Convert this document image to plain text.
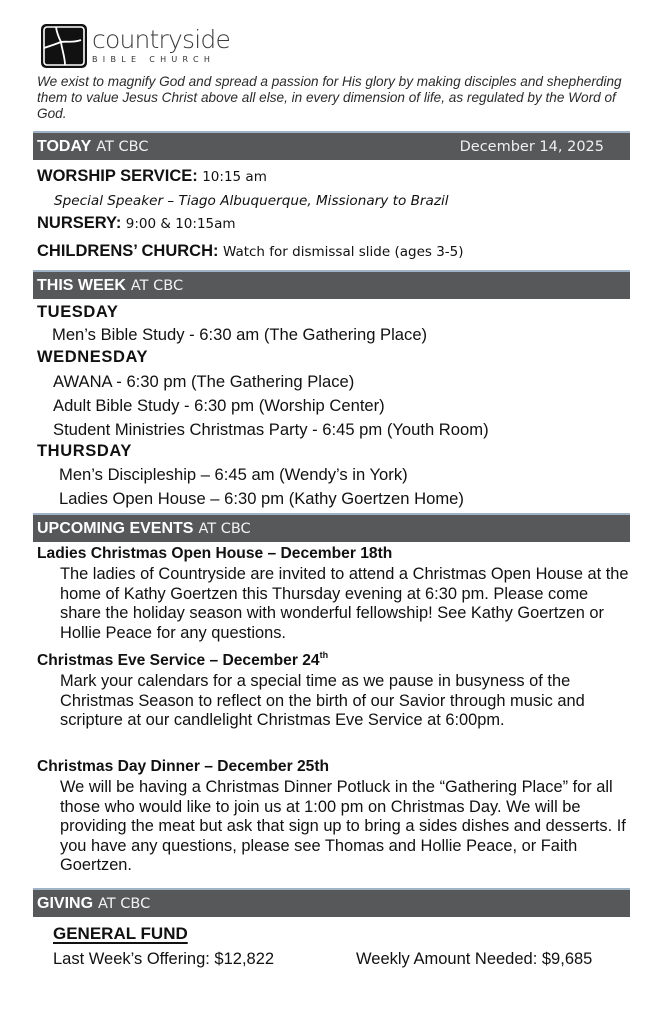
countryside
BIBLE CHURCH
We exist to magnify God and spread a passion for His glory by making disciples and shepherding them to value Jesus Christ above all else, in every dimension of life, as regulated by the Word of God.
TODAY AT CBC	December 14, 2025
WORSHIP SERVICE: 10:15 am
Special Speaker – Tiago Albuquerque, Missionary to Brazil
NURSERY: 9:00 & 10:15am
CHILDRENS’ CHURCH: Watch for dismissal slide (ages 3-5)
THIS WEEK AT CBC
TUESDAY
Men’s Bible Study - 6:30 am (The Gathering Place)
WEDNESDAY
AWANA - 6:30 pm (The Gathering Place)
Adult Bible Study - 6:30 pm (Worship Center)
Student Ministries Christmas Party - 6:45 pm (Youth Room)
THURSDAY
Men’s Discipleship – 6:45 am (Wendy’s in York)
Ladies Open House – 6:30 pm (Kathy Goertzen Home)
UPCOMING EVENTS AT CBC
Ladies Christmas Open House – December 18th
The ladies of Countryside are invited to attend a Christmas Open House at the home of Kathy Goertzen this Thursday evening at 6:30 pm. Please come share the holiday season with wonderful fellowship! See Kathy Goertzen or Hollie Peace for any questions.
Christmas Eve Service – December 24th
Mark your calendars for a special time as we pause in busyness of the Christmas Season to reflect on the birth of our Savior through music and scripture at our candlelight Christmas Eve Service at 6:00pm.
Christmas Day Dinner – December 25th
We will be having a Christmas Dinner Potluck in the “Gathering Place” for all those who would like to join us at 1:00 pm on Christmas Day. We will be providing the meat but ask that sign up to bring a sides dishes and desserts. If you have any questions, please see Thomas and Hollie Peace, or Faith Goertzen.
GIVING AT CBC
GENERAL FUND
Last Week’s Offering: $12,822	Weekly Amount Needed: $9,685
